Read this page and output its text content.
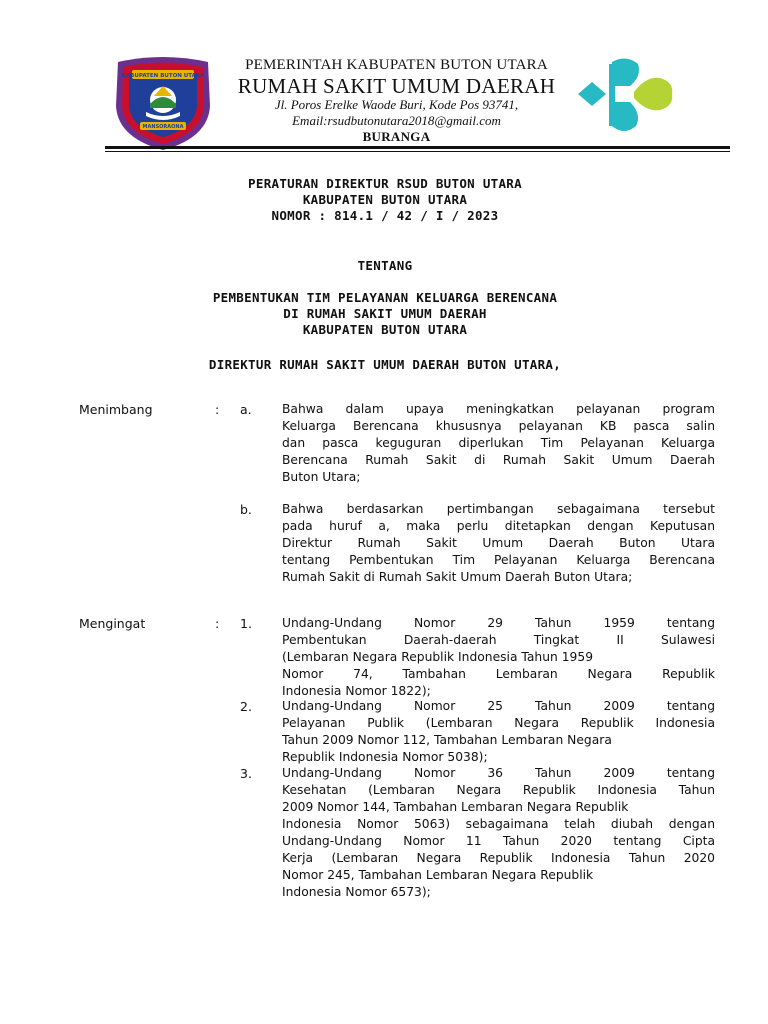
KABUPATEN BUTON UTARA
MANSORAONA
PEMERINTAH KABUPATEN BUTON UTARA
RUMAH SAKIT UMUM DAERAH
Jl. Poros Erelke Waode Buri, Kode Pos 93741,
Email:rsudbutonutara2018@gmail.com
BURANGA
PERATURAN DIREKTUR RSUD BUTON UTARA
KABUPATEN BUTON UTARA
NOMOR : 814.1 / 42 / I / 2023
TENTANG
PEMBENTUKAN TIM PELAYANAN KELUARGA BERENCANA
DI RUMAH SAKIT UMUM DAERAH
KABUPATEN BUTON UTARA
DIREKTUR RUMAH SAKIT UMUM DAERAH BUTON UTARA,
Menimbang	: a. Bahwa dalam upaya meningkatkan pelayanan program
Keluarga Berencana khususnya pelayanan KB pasca salin
dan pasca keguguran diperlukan Tim Pelayanan Keluarga
Berencana Rumah Sakit di Rumah Sakit Umum Daerah
Buton Utara;
b. Bahwa berdasarkan pertimbangan sebagaimana tersebut
pada huruf a, maka perlu ditetapkan dengan Keputusan
Direktur Rumah Sakit Umum Daerah Buton Utara
tentang Pembentukan Tim Pelayanan Keluarga Berencana
Rumah Sakit di Rumah Sakit Umum Daerah Buton Utara;
Mengingat	: 1. Undang-Undang Nomor 29 Tahun 1959 tentang
Pembentukan Daerah-daerah Tingkat II Sulawesi
(Lembaran Negara Republik Indonesia Tahun 1959
Nomor 74, Tambahan Lembaran Negara Republik
Indonesia Nomor 1822);
2. Undang-Undang Nomor 25 Tahun 2009 tentang
Pelayanan Publik (Lembaran Negara Republik Indonesia
Tahun 2009 Nomor 112, Tambahan Lembaran Negara
Republik Indonesia Nomor 5038);
3. Undang-Undang Nomor 36 Tahun 2009 tentang
Kesehatan (Lembaran Negara Republik Indonesia Tahun
2009 Nomor 144, Tambahan Lembaran Negara Republik
Indonesia Nomor 5063) sebagaimana telah diubah dengan
Undang-Undang Nomor 11 Tahun 2020 tentang Cipta
Kerja (Lembaran Negara Republik Indonesia Tahun 2020
Nomor 245, Tambahan Lembaran Negara Republik
Indonesia Nomor 6573);
